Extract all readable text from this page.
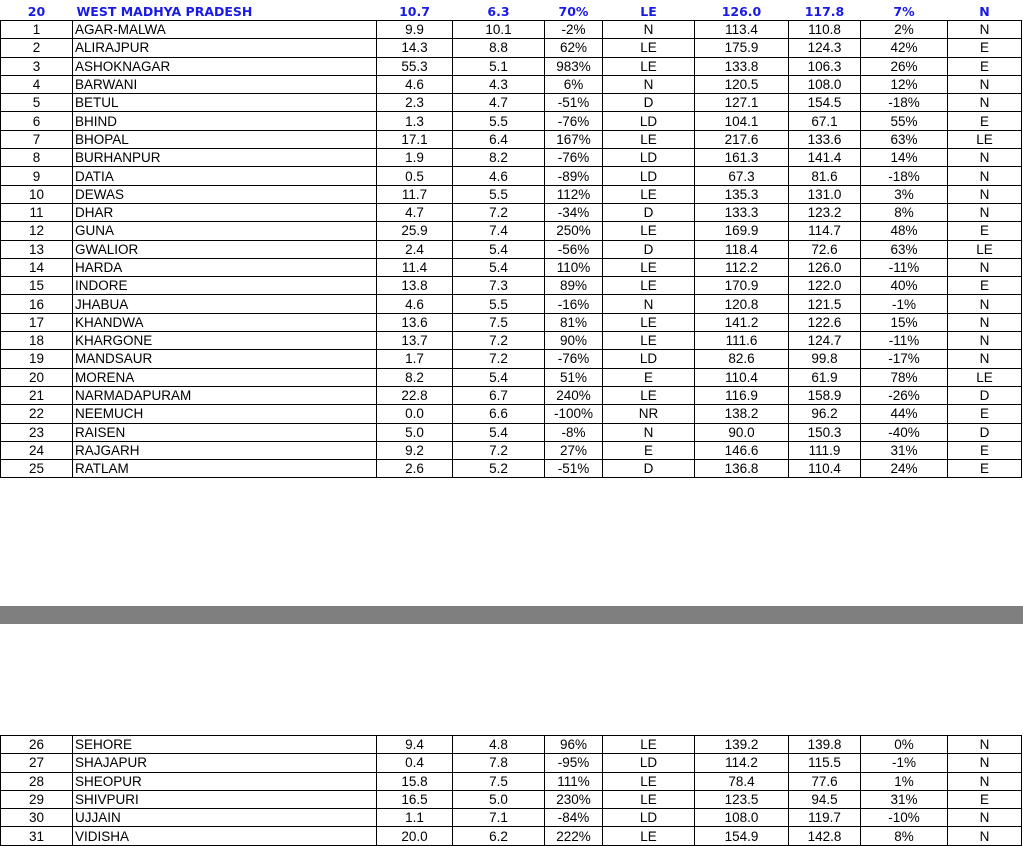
20	WEST MADHYA PRADESH	10.7	6.3	70%	LE	126.0	117.8	7%	N
1	AGAR-MALWA	9.9	10.1	-2%	N	113.4	110.8	2%	N
2	ALIRAJPUR	14.3	8.8	62%	LE	175.9	124.3	42%	E
3	ASHOKNAGAR	55.3	5.1	983%	LE	133.8	106.3	26%	E
4	BARWANI	4.6	4.3	6%	N	120.5	108.0	12%	N
5	BETUL	2.3	4.7	-51%	D	127.1	154.5	-18%	N
6	BHIND	1.3	5.5	-76%	LD	104.1	67.1	55%	E
7	BHOPAL	17.1	6.4	167%	LE	217.6	133.6	63%	LE
8	BURHANPUR	1.9	8.2	-76%	LD	161.3	141.4	14%	N
9	DATIA	0.5	4.6	-89%	LD	67.3	81.6	-18%	N
10	DEWAS	11.7	5.5	112%	LE	135.3	131.0	3%	N
11	DHAR	4.7	7.2	-34%	D	133.3	123.2	8%	N
12	GUNA	25.9	7.4	250%	LE	169.9	114.7	48%	E
13	GWALIOR	2.4	5.4	-56%	D	118.4	72.6	63%	LE
14	HARDA	11.4	5.4	110%	LE	112.2	126.0	-11%	N
15	INDORE	13.8	7.3	89%	LE	170.9	122.0	40%	E
16	JHABUA	4.6	5.5	-16%	N	120.8	121.5	-1%	N
17	KHANDWA	13.6	7.5	81%	LE	141.2	122.6	15%	N
18	KHARGONE	13.7	7.2	90%	LE	111.6	124.7	-11%	N
19	MANDSAUR	1.7	7.2	-76%	LD	82.6	99.8	-17%	N
20	MORENA	8.2	5.4	51%	E	110.4	61.9	78%	LE
21	NARMADAPURAM	22.8	6.7	240%	LE	116.9	158.9	-26%	D
22	NEEMUCH	0.0	6.6	-100%	NR	138.2	96.2	44%	E
23	RAISEN	5.0	5.4	-8%	N	90.0	150.3	-40%	D
24	RAJGARH	9.2	7.2	27%	E	146.6	111.9	31%	E
25	RATLAM	2.6	5.2	-51%	D	136.8	110.4	24%	E
26	SEHORE	9.4	4.8	96%	LE	139.2	139.8	0%	N
27	SHAJAPUR	0.4	7.8	-95%	LD	114.2	115.5	-1%	N
28	SHEOPUR	15.8	7.5	111%	LE	78.4	77.6	1%	N
29	SHIVPURI	16.5	5.0	230%	LE	123.5	94.5	31%	E
30	UJJAIN	1.1	7.1	-84%	LD	108.0	119.7	-10%	N
31	VIDISHA	20.0	6.2	222%	LE	154.9	142.8	8%	N
